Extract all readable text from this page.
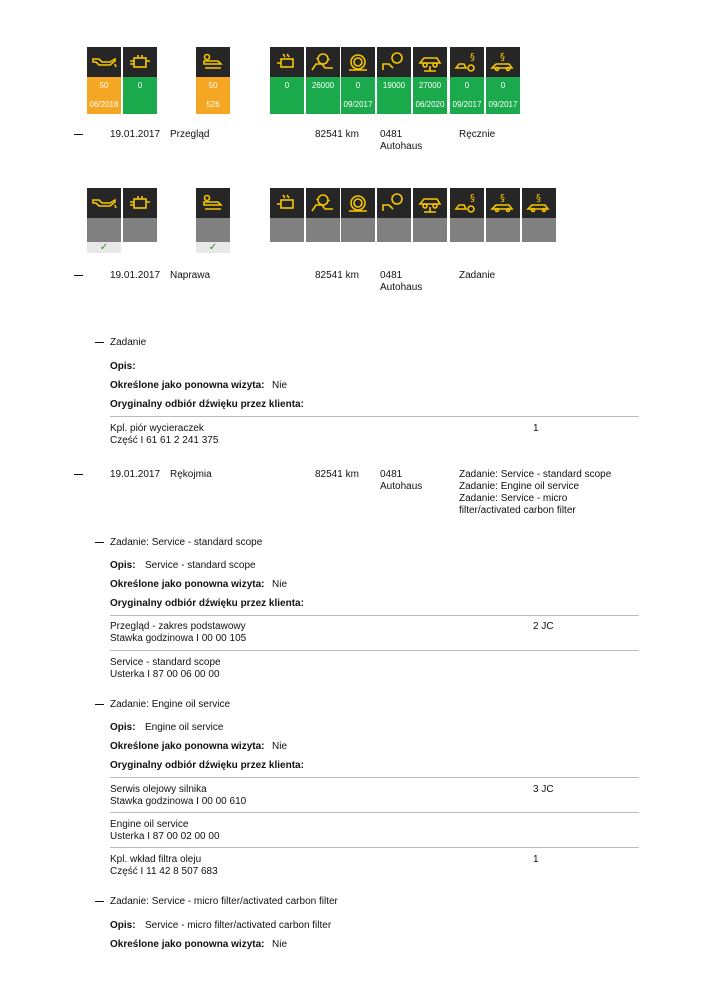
50
06/2018
0	50
526
0	26000	0
09/2017
19000	27000
06/2020
0
09/2017
0
09/2017
19.01.2017 Przegląd	82541 km 0481
Autohaus
Ręcznie
✓	✓
19.01.2017 Naprawa	82541 km 0481
Autohaus
Zadanie
Zadanie
Opis:
Określone jako ponowna wizyta: Nie
Oryginalny odbiór dźwięku przez klienta:
Kpl. piór wycieraczek
Część I 61 61 2 241 375
1
19.01.2017 Rękojmia	82541 km 0481
Autohaus
Zadanie: Service - standard scope
Zadanie: Engine oil service
Zadanie: Service - micro
filter/activated carbon filter
Zadanie: Service - standard scope
Opis: Service - standard scope
Określone jako ponowna wizyta: Nie
Oryginalny odbiór dźwięku przez klienta:
Przegląd - zakres podstawowy
Stawka godzinowa I 00 00 105
2 JC
Service - standard scope
Usterka I 87 00 06 00 00
Zadanie: Engine oil service
Opis: Engine oil service
Określone jako ponowna wizyta: Nie
Oryginalny odbiór dźwięku przez klienta:
Serwis olejowy silnika
Stawka godzinowa I 00 00 610
3 JC
Engine oil service
Usterka I 87 00 02 00 00
Kpl. wkład filtra oleju
Część I 11 42 8 507 683
1
Zadanie: Service - micro filter/activated carbon filter
Opis: Service - micro filter/activated carbon filter
Określone jako ponowna wizyta: Nie
